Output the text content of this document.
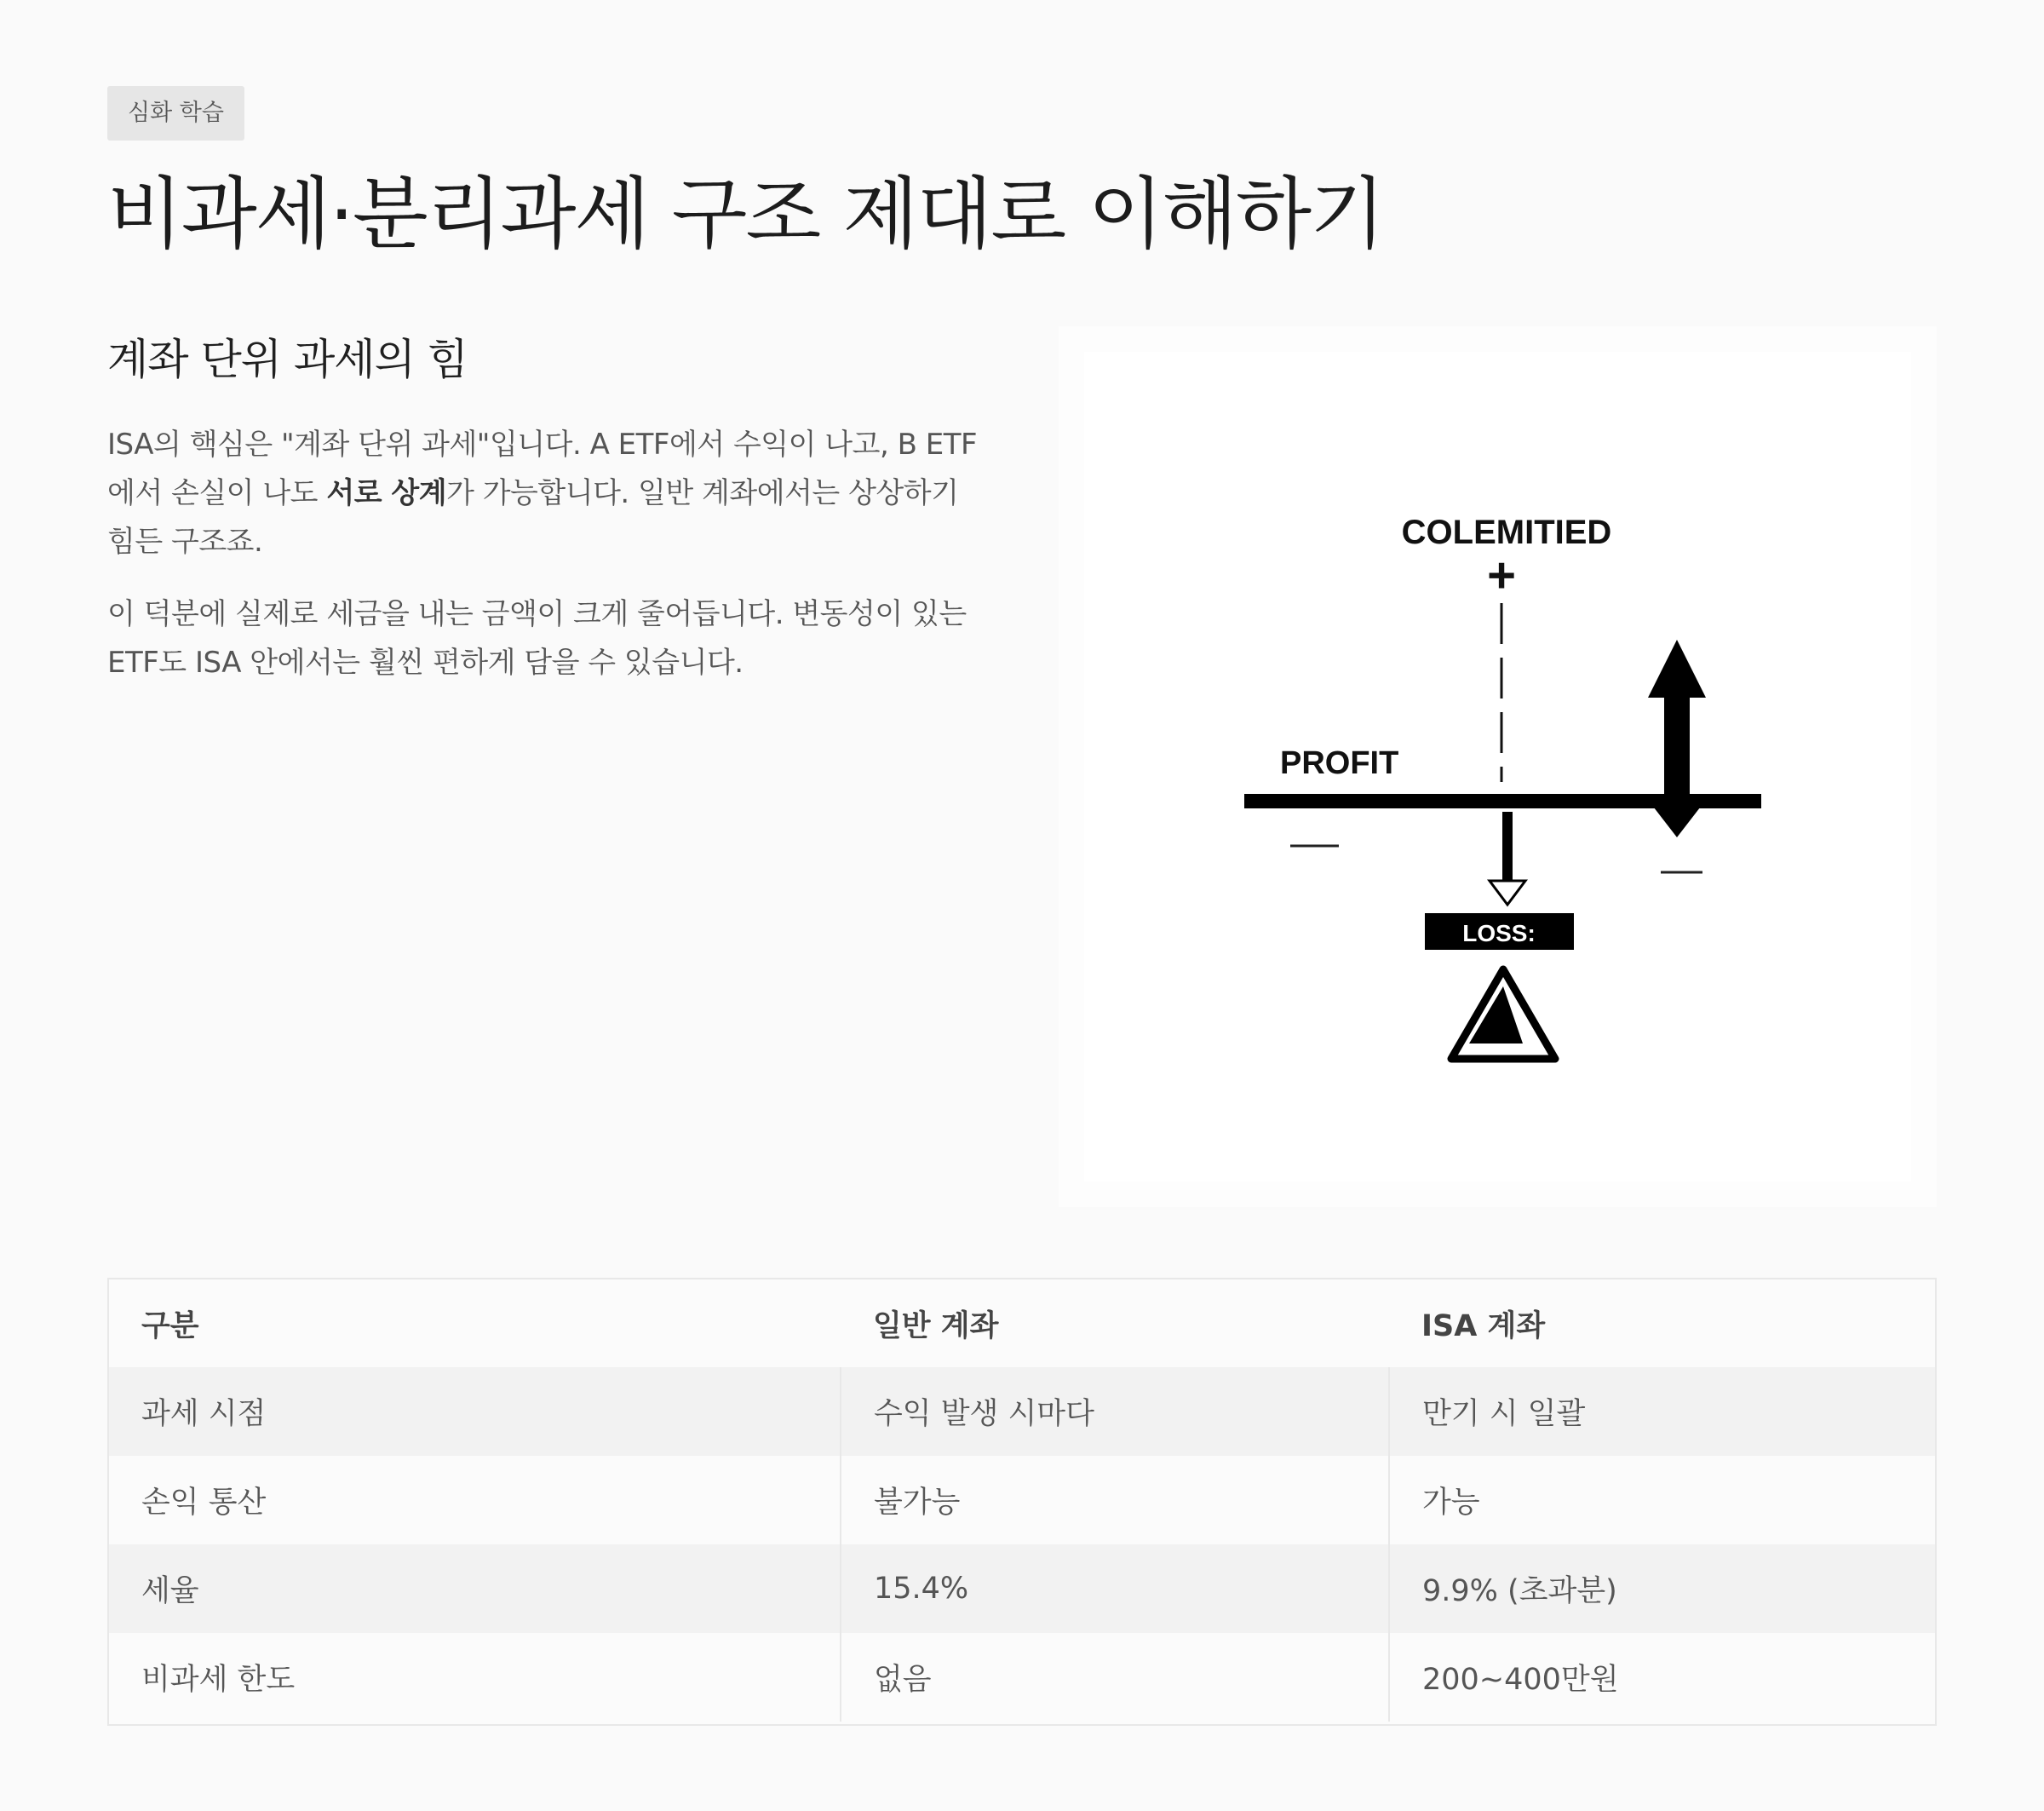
심화 학습
비과세·분리과세 구조 제대로 이해하기
계좌 단위 과세의 힘

ISA의 핵심은 "계좌 단위 과세"입니다. A ETF에서 수익이 나고, B ETF에서 손실이 나도 서로 상계가 가능합니다. 일반 계좌에서는 상상하기 힘든 구조죠.

이 덕분에 실제로 세금을 내는 금액이 크게 줄어듭니다. 변동성이 있는 ETF도 ISA 안에서는 훨씬 편하게 담을 수 있습니다.

COLEMITIED
+
PROFIT
LOSS:
구분	일반 계좌	ISA 계좌
과세 시점	수익 발생 시마다	만기 시 일괄
손익 통산	불가능	가능
세율	15.4%	9.9% (초과분)
비과세 한도	없음	200~400만원
